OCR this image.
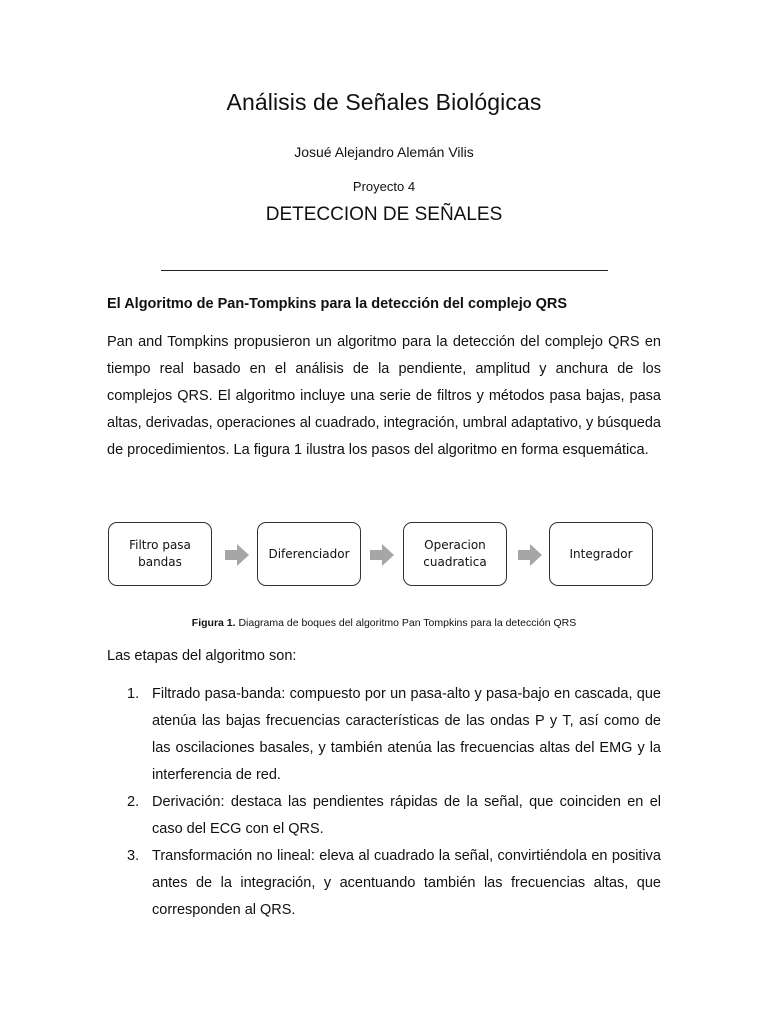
Análisis de Señales Biológicas
Josué Alejandro Alemán Vilis
Proyecto 4
DETECCION DE SEÑALES
El Algoritmo de Pan-Tompkins para la detección del complejo QRS

Pan and Tompkins propusieron un algoritmo para la detección del complejo QRS en tiempo real basado en el análisis de la pendiente, amplitud y anchura de los complejos QRS. El algoritmo incluye una serie de filtros y métodos pasa bajas, pasa altas, derivadas, operaciones al cuadrado, integración, umbral adaptativo, y búsqueda de procedimientos. La figura 1 ilustra los pasos del algoritmo en forma esquemática.

Filtro pasa
bandas
Diferenciador
Operacion
cuadratica
Integrador
Figura 1. Diagrama de boques del algoritmo Pan Tompkins para la detección QRS
Las etapas del algoritmo son:
1. Filtrado pasa-banda: compuesto por un pasa-alto y pasa-bajo en cascada, que atenúa las bajas frecuencias características de las ondas P y T, así como de las oscilaciones basales, y también atenúa las frecuencias altas del EMG y la interferencia de red.
2. Derivación: destaca las pendientes rápidas de la señal, que coinciden en el caso del ECG con el QRS.
3. Transformación no lineal: eleva al cuadrado la señal, convirtiéndola en positiva antes de la integración, y acentuando también las frecuencias altas, que corresponden al QRS.
